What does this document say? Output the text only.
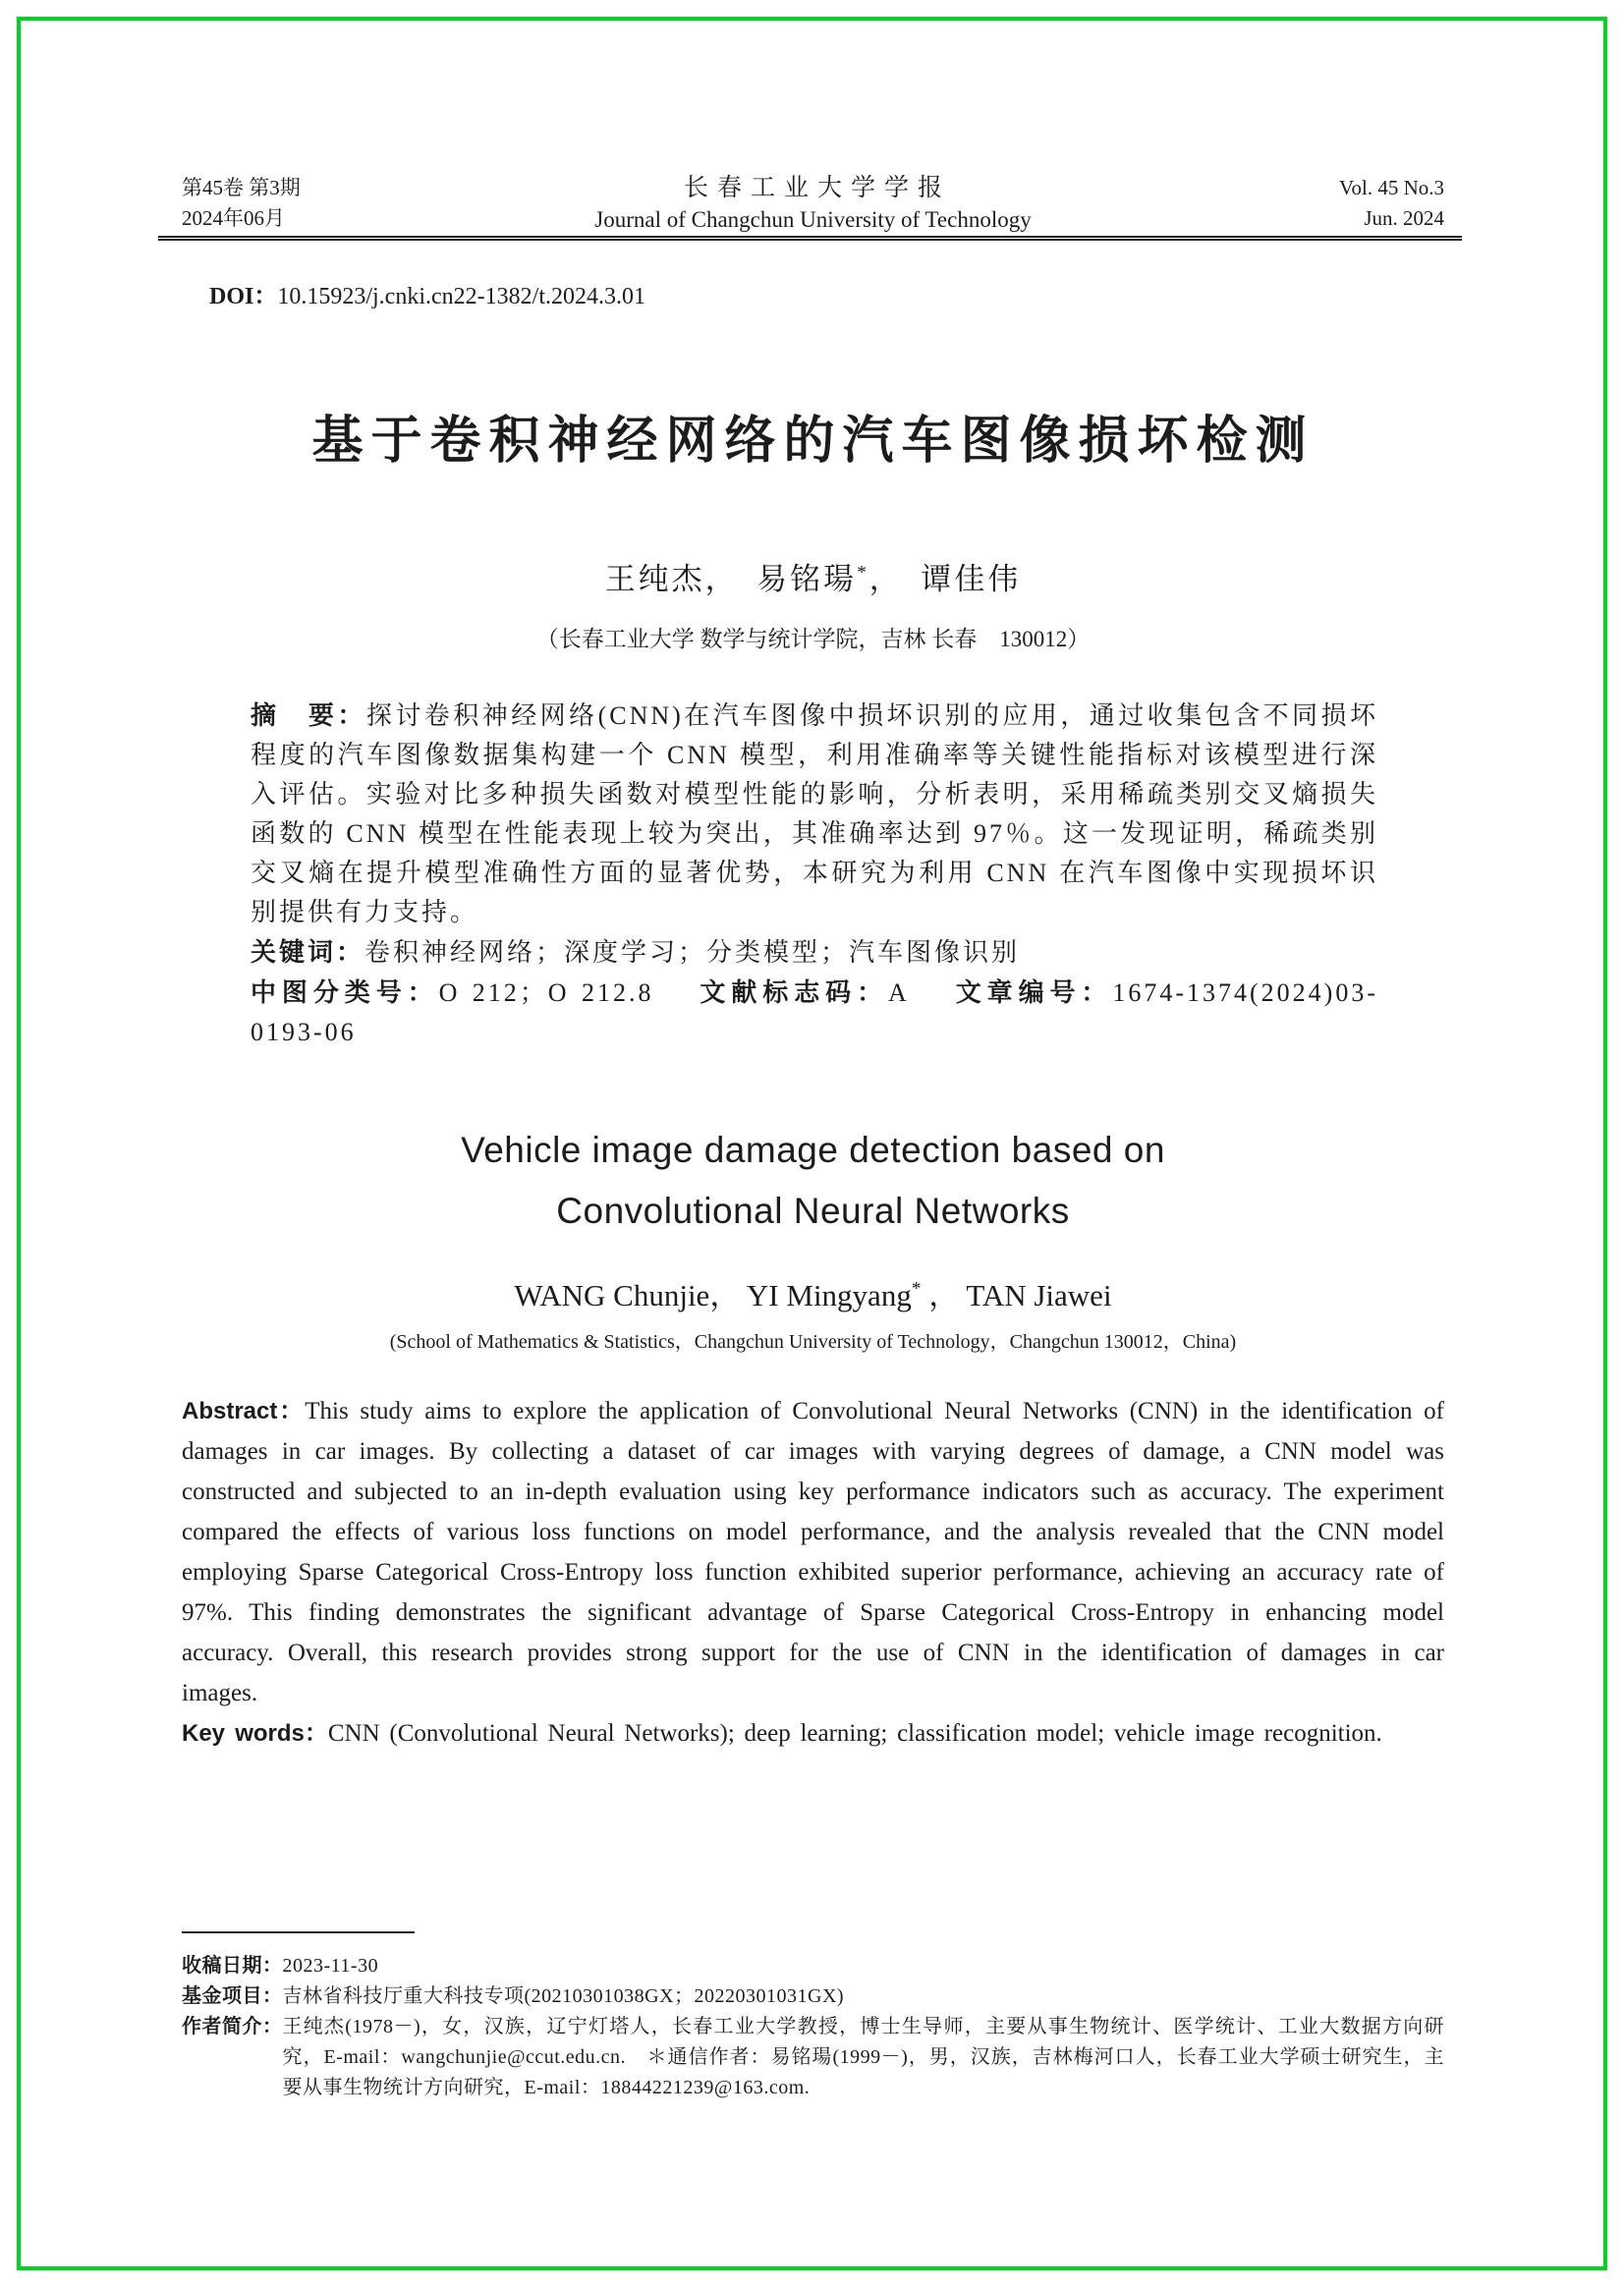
第45卷 第3期
2024年06月
长春工业大学学报
Journal of Changchun University of Technology
Vol. 45 No.3
Jun. 2024
DOI：10.15923/j.cnki.cn22-1382/t.2024.3.01
基于卷积神经网络的汽车图像损坏检测
王纯杰，　易铭瑒*，　谭佳伟
（长春工业大学 数学与统计学院，吉林 长春　130012）

摘　要：探讨卷积神经网络(CNN)在汽车图像中损坏识别的应用，通过收集包含不同损坏程度的汽车图像数据集构建一个 CNN 模型，利用准确率等关键性能指标对该模型进行深入评估。实验对比多种损失函数对模型性能的影响，分析表明，采用稀疏类别交叉熵损失函数的 CNN 模型在性能表现上较为突出，其准确率达到 97％。这一发现证明，稀疏类别交叉熵在提升模型准确性方面的显著优势，本研究为利用 CNN 在汽车图像中实现损坏识别提供有力支持。

关键词：卷积神经网络；深度学习；分类模型；汽车图像识别

中图分类号：O 212；O 212.8 文献标志码：A 文章编号：1674-1374(2024)03-0193-06

Vehicle image damage detection based on
Convolutional Neural Networks
WANG Chunjie， YI Mingyang* ， TAN Jiawei
(School of Mathematics & Statistics，Changchun University of Technology，Changchun 130012，China)

Abstract：This study aims to explore the application of Convolutional Neural Networks (CNN) in the identification of damages in car images. By collecting a dataset of car images with varying degrees of damage, a CNN model was constructed and subjected to an in-depth evaluation using key performance indicators such as accuracy. The experiment compared the effects of various loss functions on model performance, and the analysis revealed that the CNN model employing Sparse Categorical Cross-Entropy loss function exhibited superior performance, achieving an accuracy rate of 97%. This finding demonstrates the significant advantage of Sparse Categorical Cross-Entropy in enhancing model accuracy. Overall, this research provides strong support for the use of CNN in the identification of damages in car images.

Key words：CNN (Convolutional Neural Networks); deep learning; classification model; vehicle image recognition.

收稿日期： 2023-11-30
基金项目： 吉林省科技厅重大科技专项(20210301038GX；20220301031GX)
作者简介： 王纯杰(1978－)，女，汉族，辽宁灯塔人，长春工业大学教授，博士生导师，主要从事生物统计、医学统计、工业大数据方向研究，E-mail：wangchunjie@ccut.edu.cn.　＊通信作者：易铭瑒(1999－)，男，汉族，吉林梅河口人，长春工业大学硕士研究生，主要从事生物统计方向研究，E-mail：18844221239@163.com.
